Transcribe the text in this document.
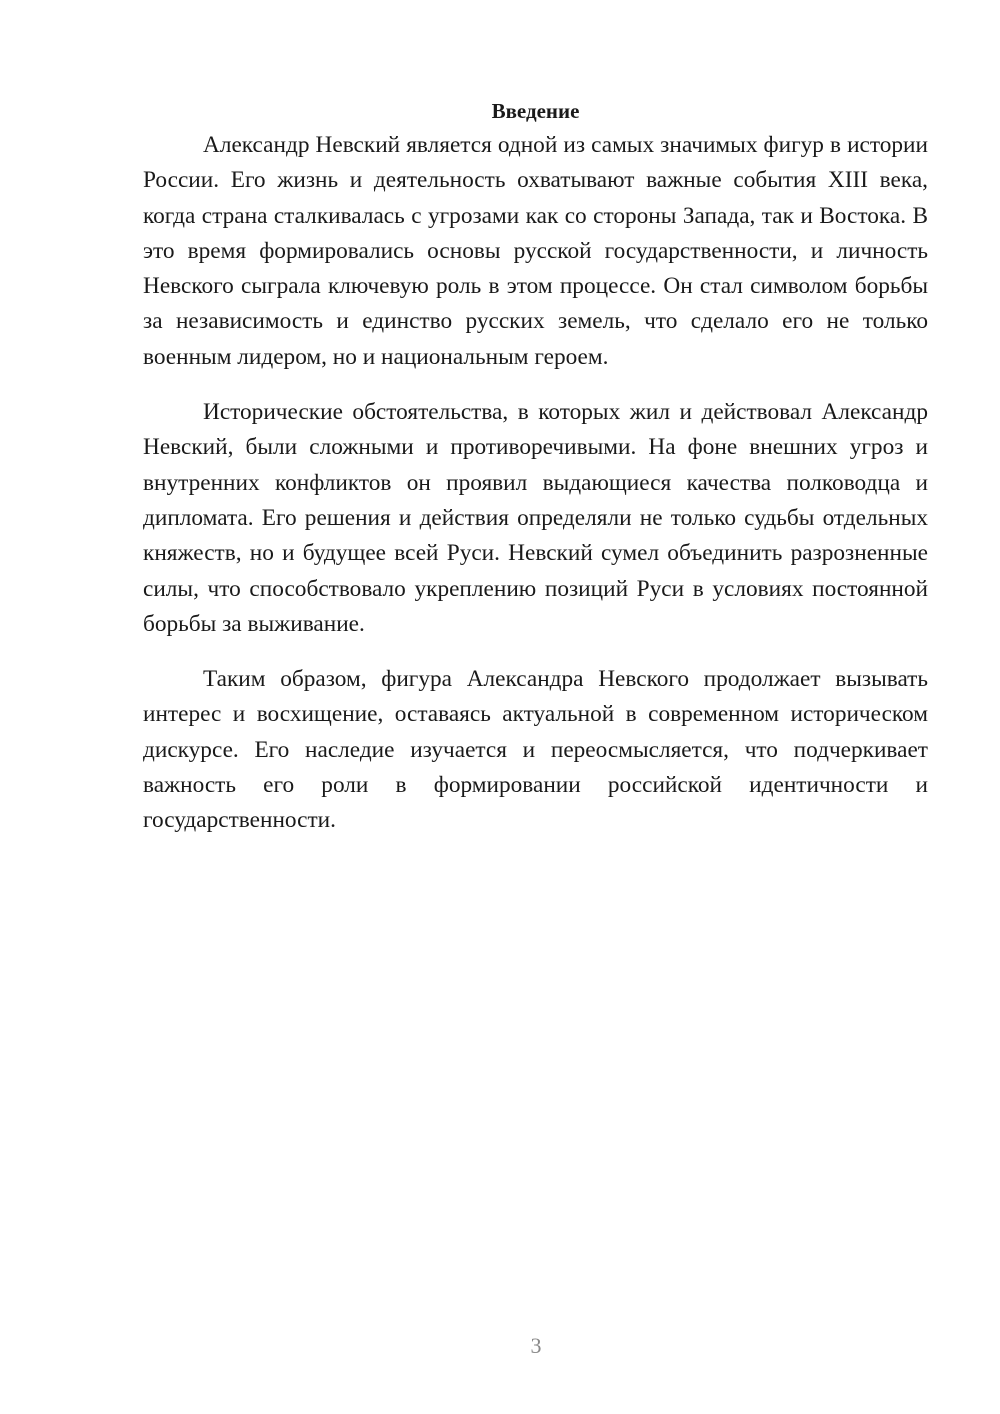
Введение

Александр Невский является одной из самых значимых фигур в истории России. Его жизнь и деятельность охватывают важные события XIII века, когда страна сталкивалась с угрозами как со стороны Запада, так и Востока. В это время формировались основы русской государственности, и личность Невского сыграла ключевую роль в этом процессе. Он стал символом борьбы за независимость и единство русских земель, что сделало его не только военным лидером, но и национальным героем.

Исторические обстоятельства, в которых жил и действовал Александр Невский, были сложными и противоречивыми. На фоне внешних угроз и внутренних конфликтов он проявил выдающиеся качества полководца и дипломата. Его решения и действия определяли не только судьбы отдельных княжеств, но и будущее всей Руси. Невский сумел объединить разрозненные силы, что способствовало укреплению позиций Руси в условиях постоянной борьбы за выживание.

Таким образом, фигура Александра Невского продолжает вызывать интерес и восхищение, оставаясь актуальной в современном историческом дискурсе. Его наследие изучается и переосмысляется, что подчеркивает важность его роли в формировании российской идентичности и государственности.

3
